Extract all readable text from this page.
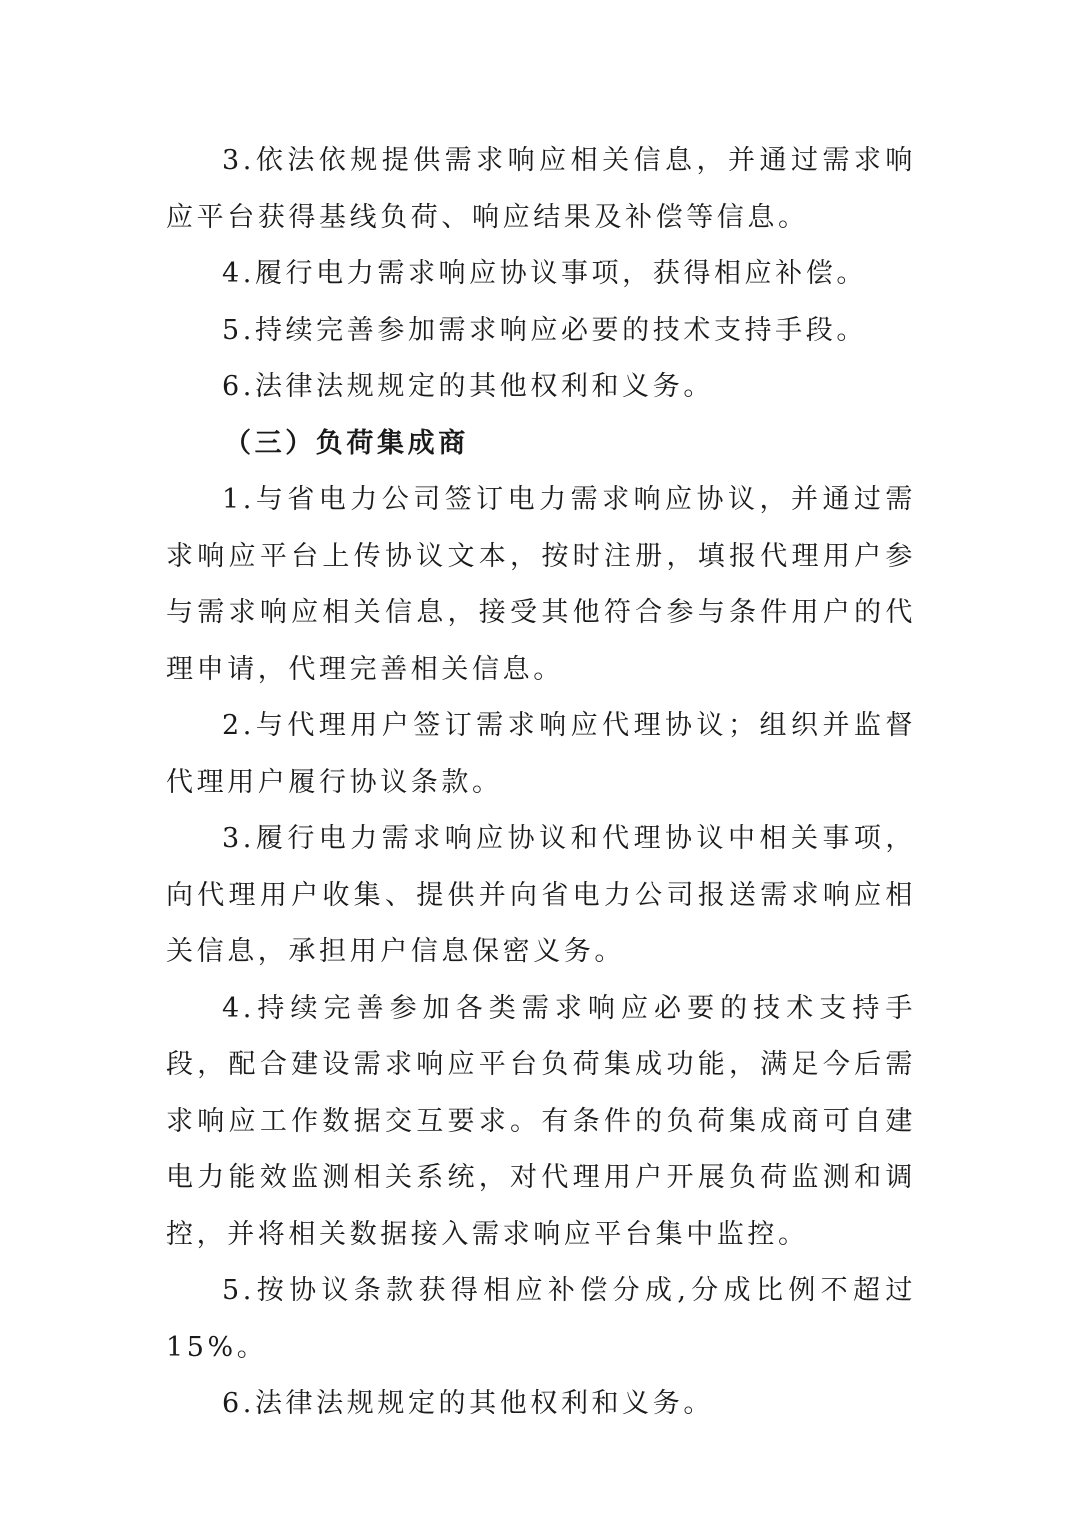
3.依法依规提供需求响应相关信息，并通过需求响应平台获得基线负荷、响应结果及补偿等信息。

4.履行电力需求响应协议事项，获得相应补偿。

5.持续完善参加需求响应必要的技术支持手段。

6.法律法规规定的其他权利和义务。

（三）负荷集成商

1.与省电力公司签订电力需求响应协议，并通过需求响应平台上传协议文本，按时注册，填报代理用户参与需求响应相关信息，接受其他符合参与条件用户的代理申请，代理完善相关信息。

2.与代理用户签订需求响应代理协议；组织并监督代理用户履行协议条款。

3.履行电力需求响应协议和代理协议中相关事项，向代理用户收集、提供并向省电力公司报送需求响应相关信息，承担用户信息保密义务。

4.持续完善参加各类需求响应必要的技术支持手段，配合建设需求响应平台负荷集成功能，满足今后需求响应工作数据交互要求。有条件的负荷集成商可自建电力能效监测相关系统，对代理用户开展负荷监测和调控，并将相关数据接入需求响应平台集中监控。

5.按协议条款获得相应补偿分成,分成比例不超过15%。

6.法律法规规定的其他权利和义务。
